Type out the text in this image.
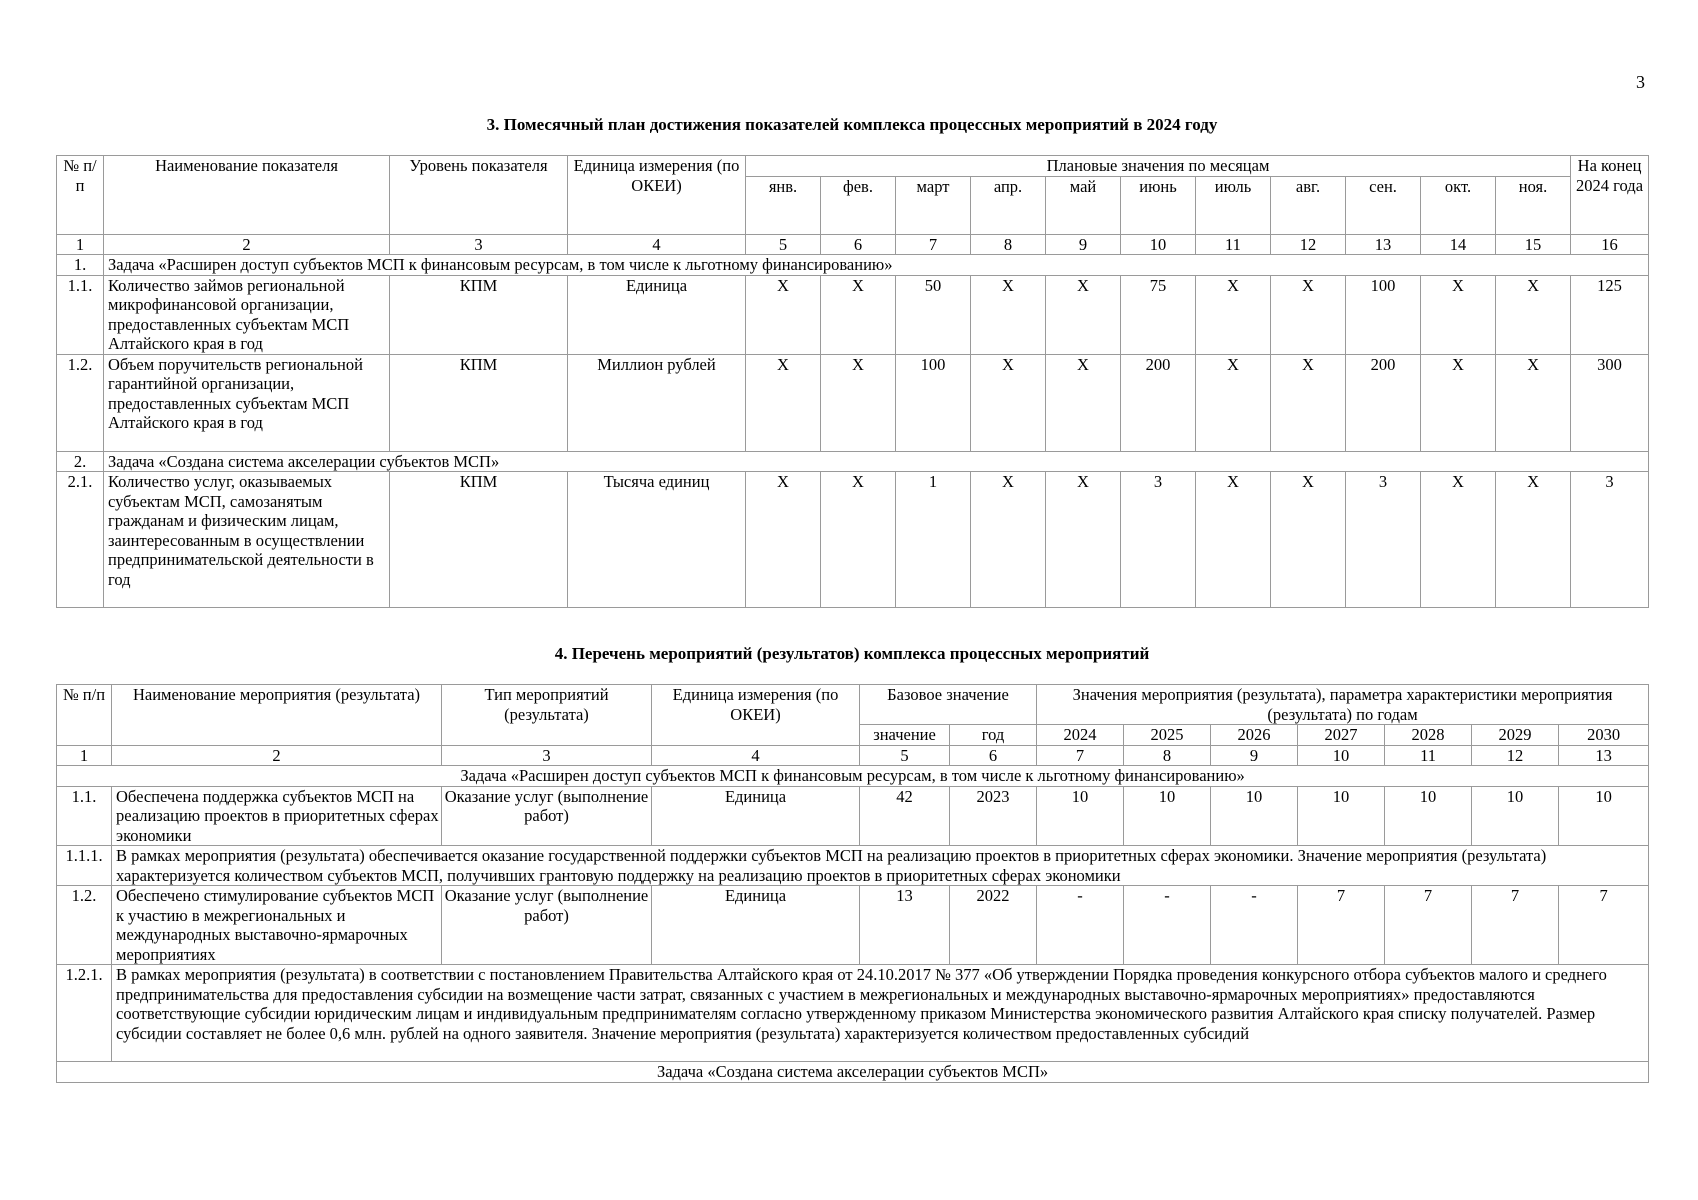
3
3. Помесячный план достижения показателей комплекса процессных мероприятий в 2024 году
№ п/п	Наименование показателя	Уровень показателя	Единица измерения (по ОКЕИ)	Плановые значения по месяцам											На конец 2024 года
				янв.	фев.	март	апр.	май	июнь	июль	авг.	сен.	окт.	ноя.	
1	2	3	4	5	6	7	8	9	10	11	12	13	14	15	16
1.	Задача «Расширен доступ субъектов МСП к финансовым ресурсам, в том числе к льготному финансированию»														
1.1.	Количество займов региональной микрофинансовой организации, предоставленных субъектам МСП Алтайского края в год	КПМ	Единица	X	X	50	X	X	75	X	X	100	X	X	125
1.2.	Объем поручительств региональной гарантийной организации, предоставленных субъектам МСП Алтайского края в год	КПМ	Миллион рублей	X	X	100	X	X	200	X	X	200	X	X	300
2.	Задача «Создана система акселерации субъектов МСП»														
2.1.	Количество услуг, оказываемых субъектам МСП, самозанятым гражданам и физическим лицам, заинтересованным в осуществлении предпринимательской деятельности в год	КПМ	Тысяча единиц	X	X	1	X	X	3	X	X	3	X	X	3
4. Перечень мероприятий (результатов) комплекса процессных мероприятий
№ п/п	Наименование мероприятия (результата)	Тип мероприятий (результата)	Единица измерения (по ОКЕИ)	Базовое значение		Значения мероприятия (результата), параметра характеристики мероприятия (результата) по годам						
				значение	год	2024	2025	2026	2027	2028	2029	2030
1	2	3	4	5	6	7	8	9	10	11	12	13
Задача «Расширен доступ субъектов МСП к финансовым ресурсам, в том числе к льготному финансированию»												
1.1.	Обеспечена поддержка субъектов МСП на реализацию проектов в приоритетных сферах экономики	Оказание услуг (выполнение работ)	Единица	42	2023	10	10	10	10	10	10	10
1.1.1.	В рамках мероприятия (результата) обеспечивается оказание государственной поддержки субъектов МСП на реализацию проектов в приоритетных сферах экономики. Значение мероприятия (результата) характеризуется количеством субъектов МСП, получивших грантовую поддержку на реализацию проектов в приоритетных сферах экономики											
1.2.	Обеспечено стимулирование субъектов МСП к участию в межрегиональных и международных выставочно-ярмарочных мероприятиях	Оказание услуг (выполнение работ)	Единица	13	2022	-	-	-	7	7	7	7
1.2.1.	В рамках мероприятия (результата) в соответствии с постановлением Правительства Алтайского края от 24.10.2017 № 377 «Об утверждении Порядка проведения конкурсного отбора субъектов малого и среднего предпринимательства для предоставления субсидии на возмещение части затрат, связанных с участием в межрегиональных и международных выставочно-ярмарочных мероприятиях» предоставляются соответствующие субсидии юридическим лицам и индивидуальным предпринимателям согласно утвержденному приказом Министерства экономического развития Алтайского края списку получателей. Размер субсидии составляет не более 0,6 млн. рублей на одного заявителя. Значение мероприятия (результата) характеризуется количеством предоставленных субсидий											
Задача «Создана система акселерации субъектов МСП»												
